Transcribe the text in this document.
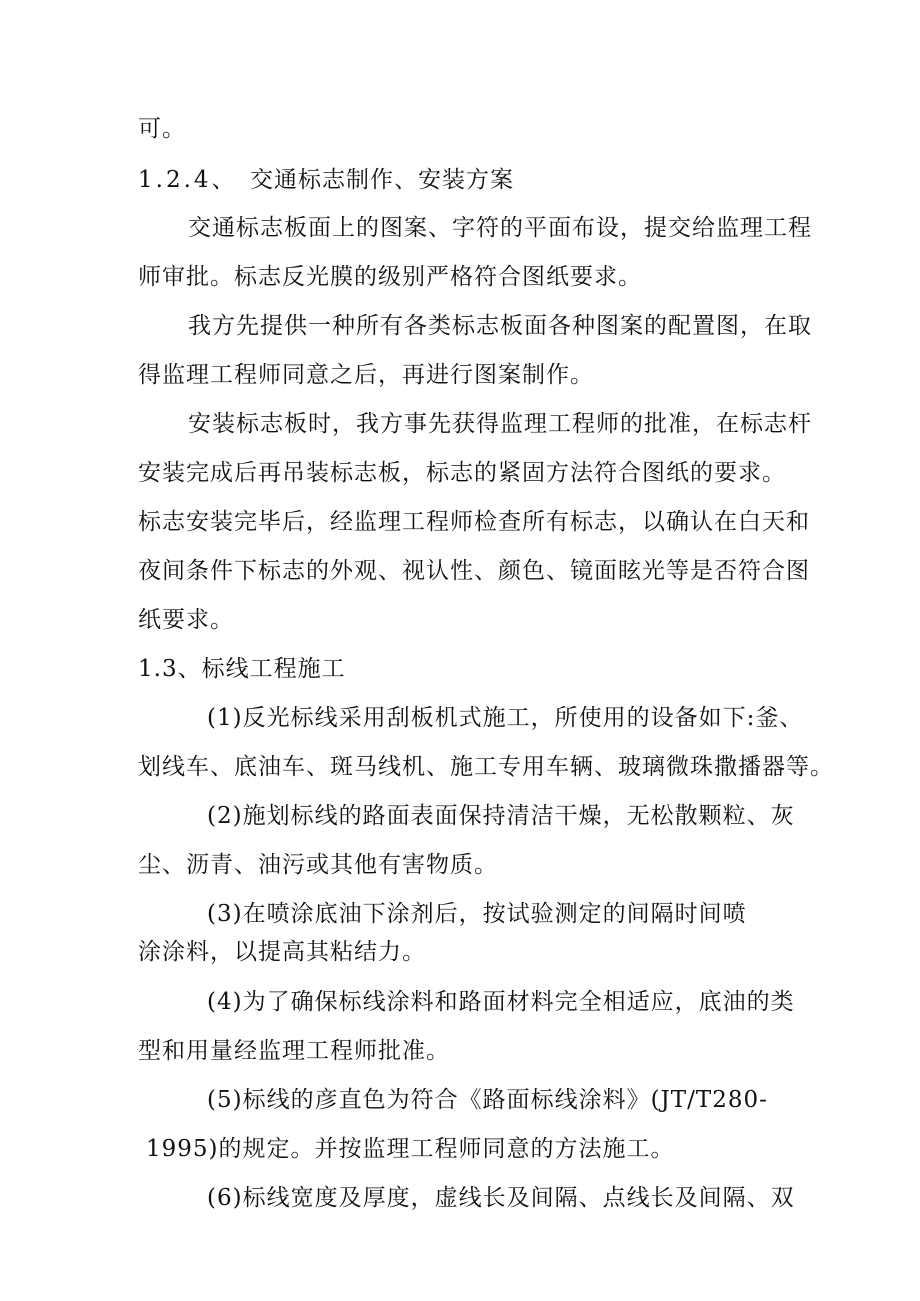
可。
1.2.4、 交通标志制作、安装方案
交通标志板面上的图案、字符的平面布设，提交给监理工程
师审批。标志反光膜的级别严格符合图纸要求。
我方先提供一种所有各类标志板面各种图案的配置图，在取
得监理工程师同意之后，再进行图案制作。
安装标志板时，我方事先获得监理工程师的批准，在标志杆
安装完成后再吊装标志板，标志的紧固方法符合图纸的要求。
标志安装完毕后，经监理工程师检查所有标志，以确认在白天和
夜间条件下标志的外观、视认性、颜色、镜面眩光等是否符合图
纸要求。
1.3、标线工程施工
(1)反光标线采用刮板机式施工，所使用的设备如下:釜、
划线车、底油车、斑马线机、施工专用车辆、玻璃微珠撒播器等。
(2)施划标线的路面表面保持清洁干燥，无松散颗粒、灰
尘、沥青、油污或其他有害物质。
(3)在喷涂底油下涂剂后，按试验测定的间隔时间喷
涂涂料，以提高其粘结力。
(4)为了确保标线涂料和路面材料完全相适应，底油的类
型和用量经监理工程师批准。
(5)标线的彦直色为符合《路面标线涂料》(JT/T280-
1995)的规定。并按监理工程师同意的方法施工。
(6)标线宽度及厚度，虚线长及间隔、点线长及间隔、双
